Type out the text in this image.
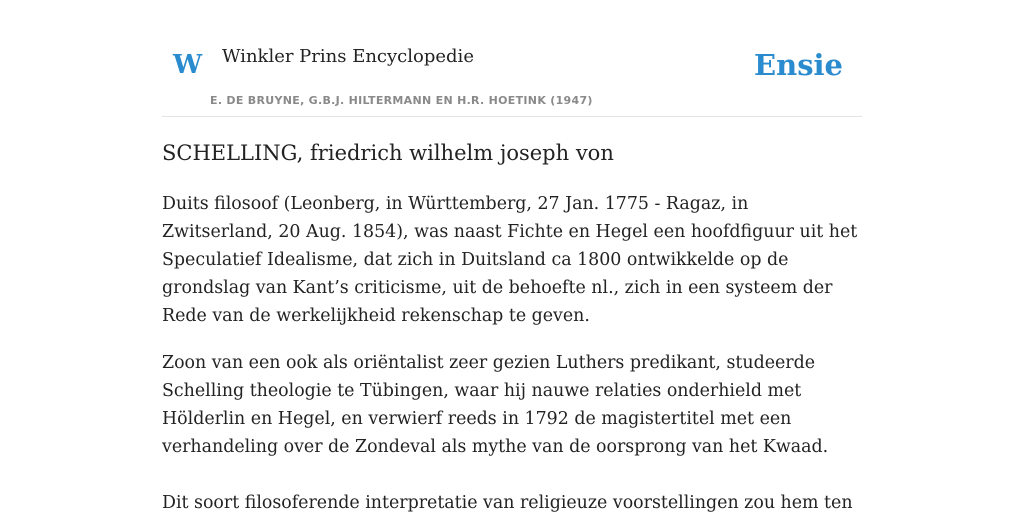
W Winkler Prins Encyclopedie
E. DE BRUYNE, G.B.J. HILTERMANN EN H.R. HOETINK (1947)
Ensie
SCHELLING, friedrich wilhelm joseph von

Duits filosoof (Leonberg, in Württemberg, 27 Jan. 1775 - Ragaz, in Zwitserland, 20 Aug. 1854), was naast Fichte en Hegel een hoofdfiguur uit het Speculatief Idealisme, dat zich in Duitsland ca 1800 ontwikkelde op de grondslag van Kant’s criticisme, uit de behoefte nl., zich in een systeem der Rede van de werkelijkheid rekenschap te geven.

Zoon van een ook als oriëntalist zeer gezien Luthers predikant, studeerde Schelling theologie te Tübingen, waar hij nauwe relaties onderhield met Hölderlin en Hegel, en verwierf reeds in 1792 de magistertitel met een verhandeling over de Zondeval als mythe van de oorsprong van het Kwaad.

Dit soort filosoferende interpretatie van religieuze voorstellingen zou hem ten
